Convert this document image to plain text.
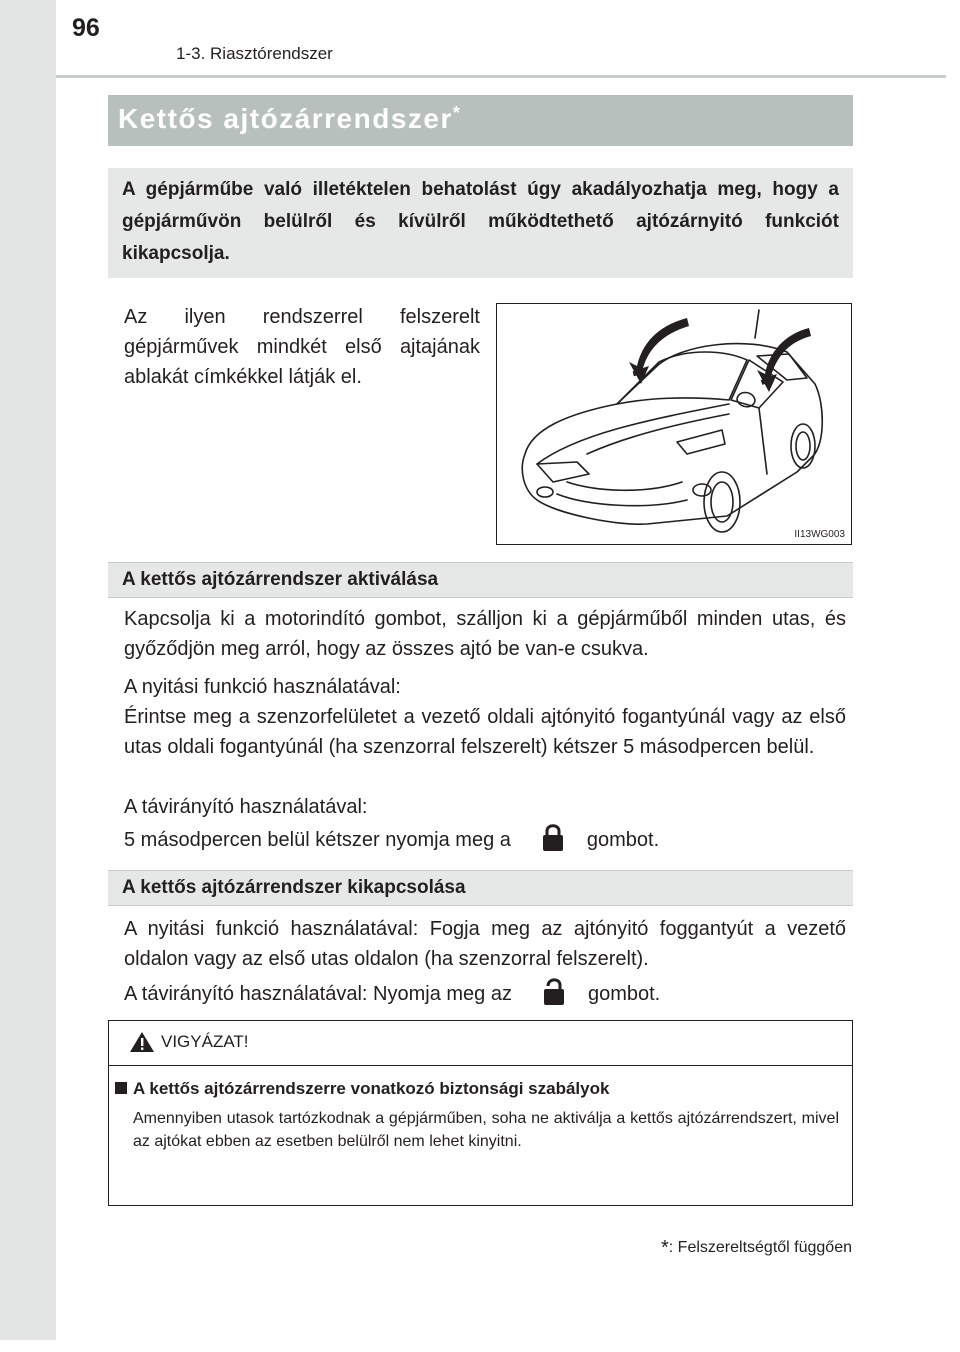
96
1-3. Riasztórendszer
Kettős ajtózárrendszer*

A gépjárműbe való illetéktelen behatolást úgy akadályozhatja meg, hogy a gépjárművön belülről és kívülről működtethető ajtózárnyitó funkciót kikapcsolja.

Az ilyen rendszerrel felszerelt gépjárművek mindkét első ajtajának ablakát címkékkel látják el.

II13WG003
A kettős ajtózárrendszer aktiválása

Kapcsolja ki a motorindító gombot, szálljon ki a gépjárműből minden utas, és győződjön meg arról, hogy az összes ajtó be van-e csukva.

A nyitási funkció használatával:

Érintse meg a szenzorfelületet a vezető oldali ajtónyitó fogantyúnál vagy az első utas oldali fogantyúnál (ha szenzorral felszerelt) kétszer 5 másodpercen belül.

A távirányító használatával:

5 másodpercen belül kétszer nyomja meg a	gombot.

A kettős ajtózárrendszer kikapcsolása

A nyitási funkció használatával: Fogja meg az ajtónyitó foggantyút a vezető oldalon vagy az első utas oldalon (ha szenzorral felszerelt).

A távirányító használatával: Nyomja meg az	gombot.

VIGYÁZAT!
A kettős ajtózárrendszerre vonatkozó biztonsági szabályok

Amennyiben utasok tartózkodnak a gépjárműben, soha ne aktiválja a kettős ajtózárrendszert, mivel az ajtókat ebben az esetben belülről nem lehet kinyitni.

*: Felszereltségtől függően
